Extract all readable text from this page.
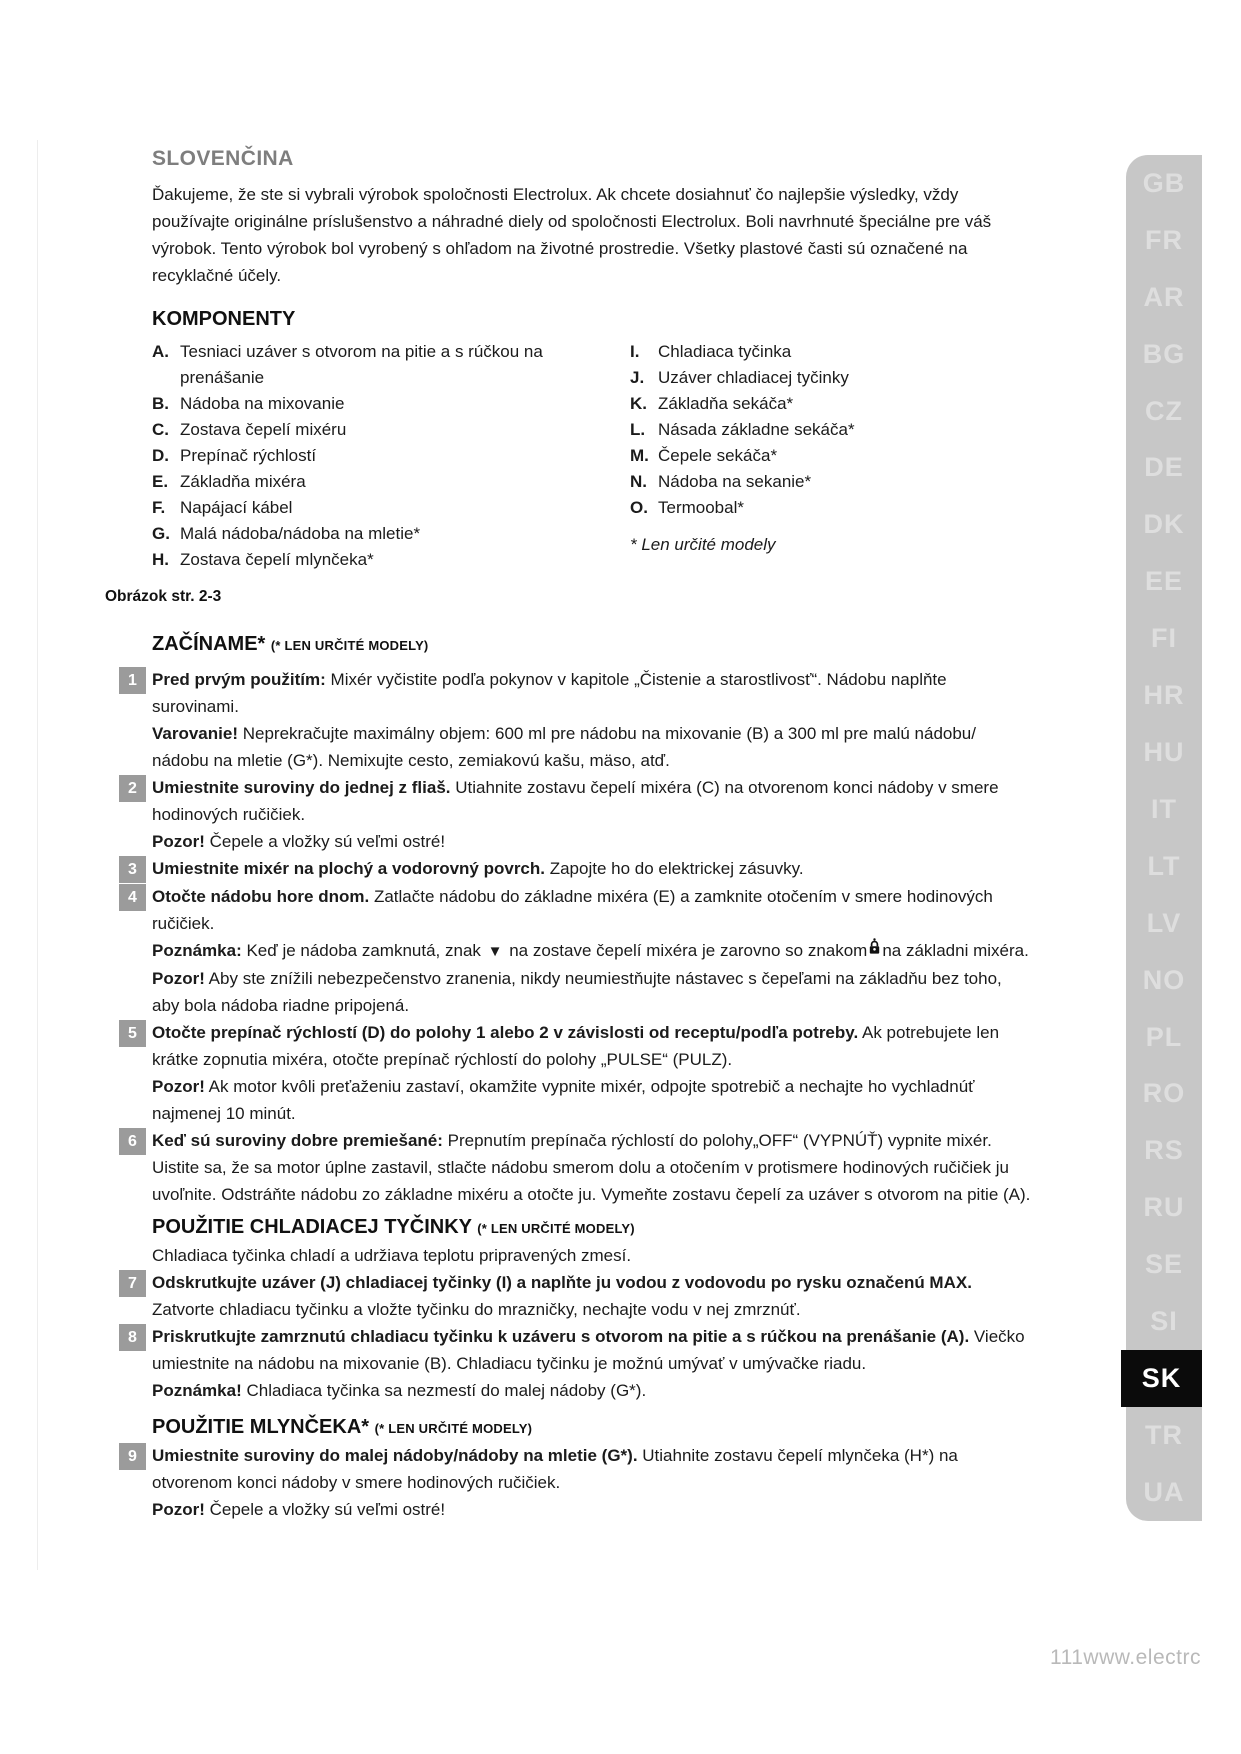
SLOVENČINA

Ďakujeme, že ste si vybrali výrobok spoločnosti Electrolux. Ak chcete dosiahnuť čo najlepšie výsledky, vždy používajte originálne príslušenstvo a náhradné diely od spoločnosti Electrolux. Boli navrhnuté špeciálne pre váš výrobok. Tento výrobok bol vyrobený s ohľadom na životné prostredie. Všetky plastové časti sú označené na recyklačné účely.

KOMPONENTY
A. Tesniaci uzáver s otvorom na pitie a s rúčkou na prenášanie
B. Nádoba na mixovanie
C. Zostava čepelí mixéru
D. Prepínač rýchlostí
E. Základňa mixéra
F. Napájací kábel
G. Malá nádoba/nádoba na mletie*
H. Zostava čepelí mlynčeka*
I.	Chladiaca tyčinka
J. Uzáver chladiacej tyčinky
K. Základňa sekáča*
L. Násada základne sekáča*
M. Čepele sekáča*
N. Nádoba na sekanie*
O. Termoobal*
* Len určité modely
Obrázok str. 2-3
ZAČÍNAME* (* LEN URČITÉ MODELY)
1 Pred prvým použitím: Mixér vyčistite podľa pokynov v kapitole „Čistenie a starostlivosť“. Nádobu naplňte surovinami.

Varovanie! Neprekračujte maximálny objem: 600 ml pre nádobu na mixovanie (B) a 300 ml pre malú nádobu/ nádobu na mletie (G*). Nemixujte cesto, zemiakovú kašu, mäso, atď.

2 Umiestnite suroviny do jednej z fliaš. Utiahnite zostavu čepelí mixéra (C) na otvorenom konci nádoby v smere hodinových ručičiek.

Pozor! Čepele a vložky sú veľmi ostré!

3 Umiestnite mixér na plochý a vodorovný povrch. Zapojte ho do elektrickej zásuvky.

4 Otočte nádobu hore dnom. Zatlačte nádobu do základne mixéra (E) a zamknite otočením v smere hodinových ručičiek.

Poznámka: Keď je nádoba zamknutá, znak ▼ na zostave čepelí mixéra je zarovno so znakom na základni mixéra.

Pozor! Aby ste znížili nebezpečenstvo zranenia, nikdy neumiestňujte nástavec s čepeľami na základňu bez toho, aby bola nádoba riadne pripojená.

5 Otočte prepínač rýchlostí (D) do polohy 1 alebo 2 v závislosti od receptu/podľa potreby. Ak potrebujete len krátke zopnutia mixéra, otočte prepínač rýchlostí do polohy „PULSE“ (PULZ).

Pozor! Ak motor kvôli preťaženiu zastaví, okamžite vypnite mixér, odpojte spotrebič a nechajte ho vychladnúť najmenej 10 minút.

6 Keď sú suroviny dobre premiešané: Prepnutím prepínača rýchlostí do polohy„OFF“ (VYPNÚŤ) vypnite mixér. Uistite sa, že sa motor úplne zastavil, stlačte nádobu smerom dolu a otočením v protismere hodinových ručičiek ju uvoľnite. Odstráňte nádobu zo základne mixéru a otočte ju. Vymeňte zostavu čepelí za uzáver s otvorom na pitie (A).

POUŽITIE CHLADIACEJ TYČINKY (* LEN URČITÉ MODELY)

Chladiaca tyčinka chladí a udržiava teplotu pripravených zmesí.

7 Odskrutkujte uzáver (J) chladiacej tyčinky (I) a naplňte ju vodou z vodovodu po rysku označenú MAX. Zatvorte chladiacu tyčinku a vložte tyčinku do mrazničky, nechajte vodu v nej zmrznúť.

8 Priskrutkujte zamrznutú chladiacu tyčinku k uzáveru s otvorom na pitie a s rúčkou na prenášanie (A). Viečko umiestnite na nádobu na mixovanie (B). Chladiacu tyčinku je možnú umývať v umývačke riadu.

Poznámka! Chladiaca tyčinka sa nezmestí do malej nádoby (G*).

POUŽITIE MLYNČEKA* (* LEN URČITÉ MODELY)
9 Umiestnite suroviny do malej nádoby/nádoby na mletie (G*). Utiahnite zostavu čepelí mlynčeka (H*) na otvorenom konci nádoby v smere hodinových ručičiek.

Pozor! Čepele a vložky sú veľmi ostré!

GB
FR
AR
BG
CZ
DE
DK
EE
FI
HR
HU
IT
LT
LV
NO
PL
RO
RS
RU
SE
SI
SK
TR
UA
111www.electrc
